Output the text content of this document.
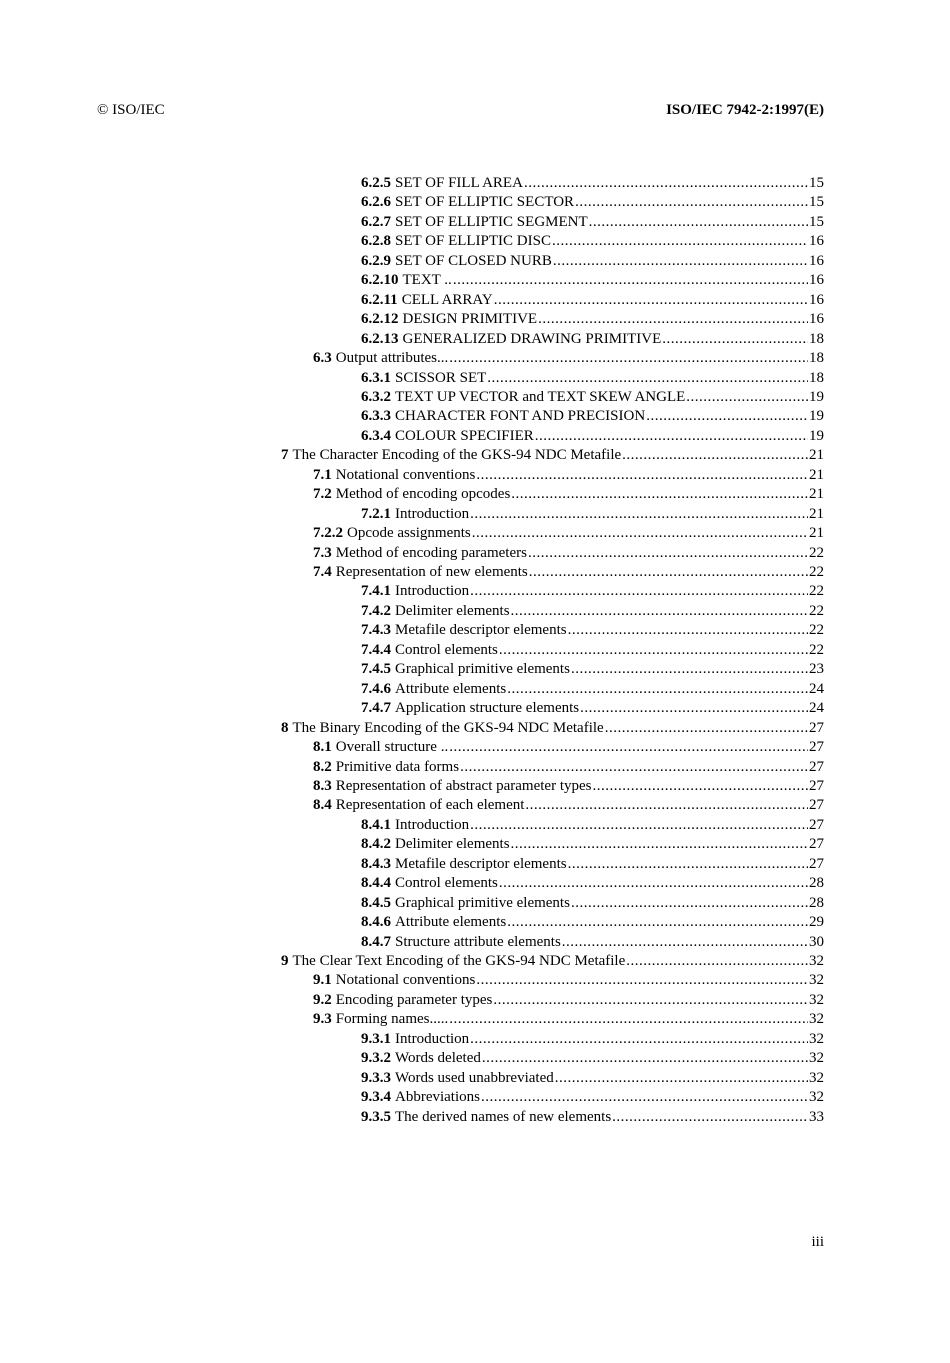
© ISO/IEC	ISO/IEC 7942-2:1997(E)
6.2.5 SET OF FILL AREA .....	15
6.2.6 SET OF ELLIPTIC SECTOR .....	15
6.2.7 SET OF ELLIPTIC SEGMENT .....	15
6.2.8 SET OF ELLIPTIC DISC .....	16
6.2.9 SET OF CLOSED NURB .....	16
6.2.10 TEXT .. .....	16
6.2.11 CELL ARRAY .....	16
6.2.12 DESIGN PRIMITIVE .....	16
6.2.13 GENERALIZED DRAWING PRIMITIVE .....	18
6.3 Output attributes... .....	18
6.3.1 SCISSOR SET .....	18
6.3.2 TEXT UP VECTOR and TEXT SKEW ANGLE .....	19
6.3.3 CHARACTER FONT AND PRECISION .....	19
6.3.4 COLOUR SPECIFIER .....	19
7 The Character Encoding of the GKS-94 NDC Metafile .....	21
7.1 Notational conventions .....	21
7.2 Method of encoding opcodes .....	21
7.2.1 Introduction .....	21
7.2.2 Opcode assignments .....	21
7.3 Method of encoding parameters .....	22
7.4 Representation of new elements .....	22
7.4.1 Introduction .....	22
7.4.2 Delimiter elements .....	22
7.4.3 Metafile descriptor elements .....	22
7.4.4 Control elements .....	22
7.4.5 Graphical primitive elements .....	23
7.4.6 Attribute elements .....	24
7.4.7 Application structure elements .....	24
8 The Binary Encoding of the GKS-94 NDC Metafile .....	27
8.1 Overall structure .. .....	27
8.2 Primitive data forms .....	27
8.3 Representation of abstract parameter types .....	27
8.4 Representation of each element .....	27
8.4.1 Introduction .....	27
8.4.2 Delimiter elements .....	27
8.4.3 Metafile descriptor elements .....	27
8.4.4 Control elements .....	28
8.4.5 Graphical primitive elements .....	28
8.4.6 Attribute elements .....	29
8.4.7 Structure attribute elements .....	30
9 The Clear Text Encoding of the GKS-94 NDC Metafile .....	32
9.1 Notational conventions .....	32
9.2 Encoding parameter types .....	32
9.3 Forming names..... .....	32
9.3.1 Introduction .....	32
9.3.2 Words deleted .....	32
9.3.3 Words used unabbreviated .....	32
9.3.4 Abbreviations .....	32
9.3.5 The derived names of new elements .....	33
iii
